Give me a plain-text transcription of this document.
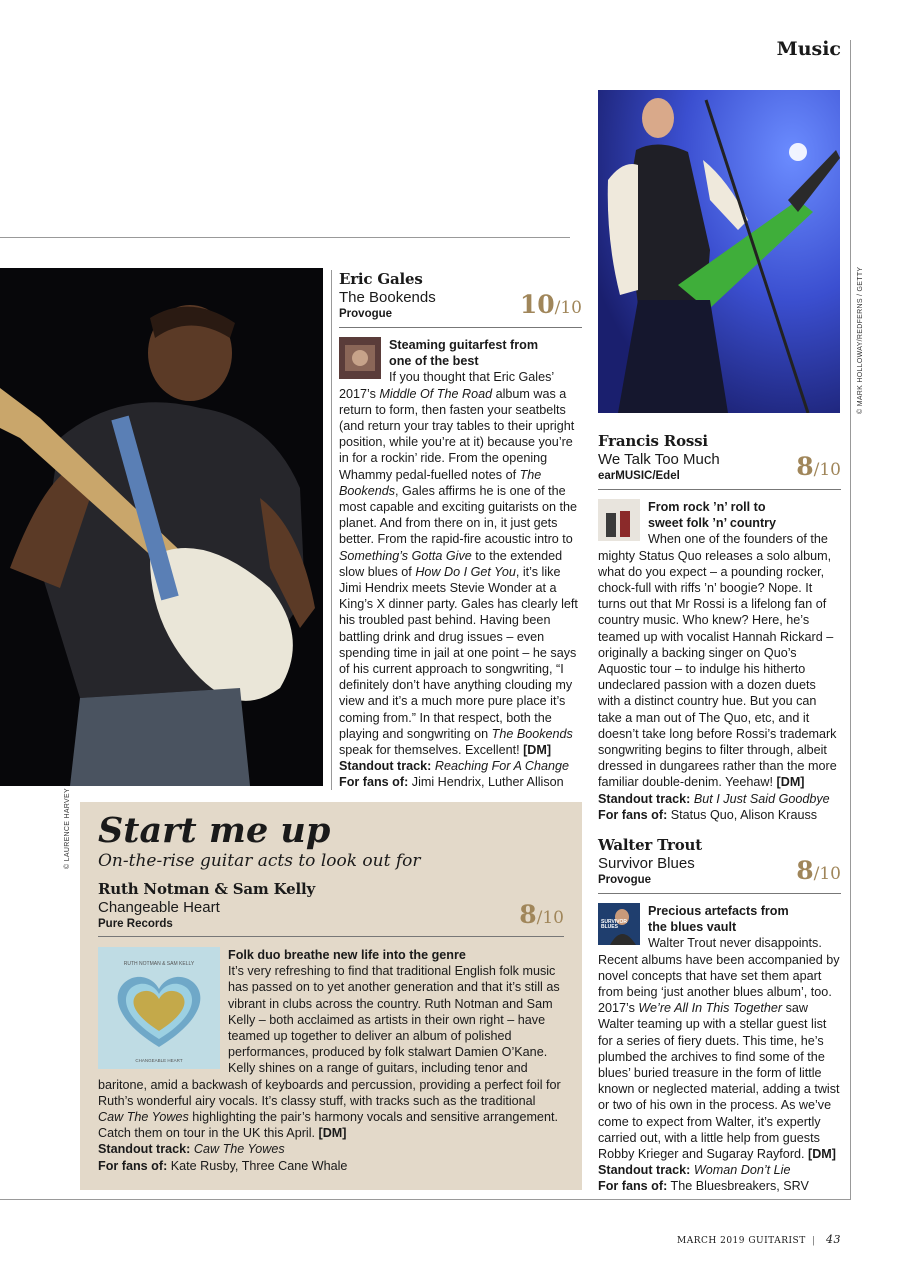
Music
© MARK HOLLOWAY/REDFERNS / GETTY
© LAURENCE HARVEY
Eric Gales
The Bookends
Provogue	10/10
Steaming guitarfest from
one of the best
If you thought that Eric Gales’ 2017’s Middle Of The Road album was a return to form, then fasten your seatbelts (and return your tray tables to their upright position, while you’re at it) because you’re in for a rockin’ ride. From the opening Whammy pedal-fuelled notes of The Bookends, Gales affirms he is one of the most capable and exciting guitarists on the planet. And from there on in, it just gets better. From the rapid-fire acoustic intro to Something’s Gotta Give to the extended slow blues of How Do I Get You, it’s like Jimi Hendrix meets Stevie Wonder at a King’s X dinner party. Gales has clearly left his troubled past behind. Having been battling drink and drug issues – even spending time in jail at one point – he says of his current approach to songwriting, “I definitely don’t have anything clouding my view and it’s a much more pure place it’s coming from.” In that respect, both the playing and songwriting on The Bookends speak for themselves. Excellent! [DM]
Standout track: Reaching For A Change
For fans of: Jimi Hendrix, Luther Allison
Francis Rossi
We Talk Too Much
earMUSIC/Edel	8/10
From rock ’n’ roll to
sweet folk ’n’ country
When one of the founders of the mighty Status Quo releases a solo album, what do you expect – a pounding rocker, chock-full with riffs ’n’ boogie? Nope. It turns out that Mr Rossi is a lifelong fan of country music. Who knew? Here, he’s teamed up with vocalist Hannah Rickard – originally a backing singer on Quo’s Aquostic tour – to indulge his hitherto undeclared passion with a dozen duets with a distinct country hue. But you can take a man out of The Quo, etc, and it doesn’t take long before Rossi’s trademark songwriting begins to filter through, albeit dressed in dungarees rather than the more familiar double-denim. Yeehaw! [DM]
Standout track: But I Just Said Goodbye
For fans of: Status Quo, Alison Krauss
Walter Trout
Survivor Blues
Provogue	8/10
SURVIVOR BLUES
Precious artefacts from
the blues vault
Walter Trout never disappoints. Recent albums have been accompanied by novel concepts that have set them apart from being ‘just another blues album’, too. 2017’s We’re All In This Together saw Walter teaming up with a stellar guest list for a series of fiery duets. This time, he’s plumbed the archives to find some of the blues’ buried treasure in the form of little known or neglected material, adding a twist or two of his own in the process. As we’ve come to expect from Walter, it’s expertly carried out, with a little help from guests Robby Krieger and Sugaray Rayford. [DM]
Standout track: Woman Don’t Lie
For fans of: The Bluesbreakers, SRV
Start me up
On-the-rise guitar acts to look out for
Ruth Notman & Sam Kelly
Changeable Heart
Pure Records	8/10
RUTH NOTMAN & SAM KELLY
CHANGEABLE HEART
Folk duo breathe new life into the genre
It’s very refreshing to find that traditional English folk music has passed on to yet another generation and that it’s still as vibrant in clubs across the country. Ruth Notman and Sam Kelly – both acclaimed as artists in their own right – have teamed up together to deliver an album of polished performances, produced by folk stalwart Damien O’Kane. Kelly shines on a range of guitars, including tenor and baritone, amid a backwash of keyboards and percussion, providing a perfect foil for Ruth’s wonderful airy vocals. It’s classy stuff, with tracks such as the traditional Caw The Yowes highlighting the pair’s harmony vocals and sensitive arrangement. Catch them on tour in the UK this April. [DM]
Standout track: Caw The Yowes
For fans of: Kate Rusby, Three Cane Whale
MARCH 2019 GUITARIST | 43
